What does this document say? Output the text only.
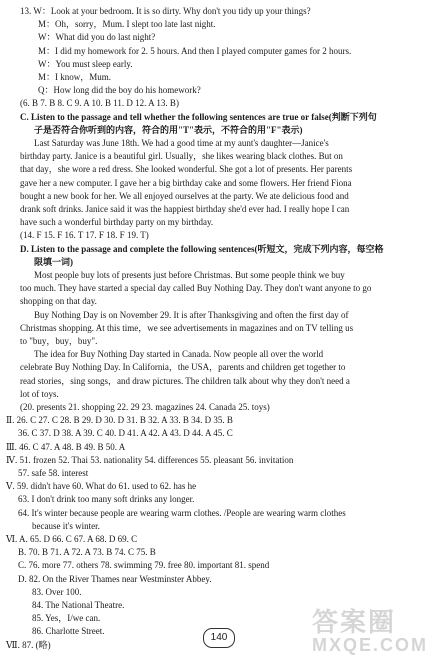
13. W：Look at your bedroom. It is so dirty. Why don't you tidy up your things?
M：Oh，sorry，Mum. I slept too late last night.
W：What did you do last night?
M：I did my homework for 2. 5 hours. And then I played computer games for 2 hours.
W：You must sleep early.
M：I know，Mum.
Q：How long did the boy do his homework?
(6. B 7. B 8. C 9. A 10. B 11. D 12. A 13. B)
C. Listen to the passage and tell whether the following sentences are true or false(判断下列句
子是否符合你听到的内容，符合的用"T"表示，不符合的用"F"表示)
Last Saturday was June 18th. We had a good time at my aunt's daughter—Janice's
birthday party. Janice is a beautiful girl. Usually，she likes wearing black clothes. But on
that day，she wore a red dress. She looked wonderful. She got a lot of presents. Her parents
gave her a new computer. I gave her a big birthday cake and some flowers. Her friend Fiona
bought a new book for her. We all enjoyed ourselves at the party. We ate delicious food and
drank soft drinks. Janice said it was the happiest birthday she'd ever had. I really hope I can
have such a wonderful birthday party on my birthday.
(14. F 15. F 16. T 17. F 18. F 19. T)
D. Listen to the passage and complete the following sentences(听短文，完成下列内容，每空格
限填一词)
Most people buy lots of presents just before Christmas. But some people think we buy
too much. They have started a special day called Buy Nothing Day. They don't want anyone to go
shopping on that day.
Buy Nothing Day is on November 29. It is after Thanksgiving and often the first day of
Christmas shopping. At this time，we see advertisements in magazines and on TV telling us
to "buy，buy，buy".
The idea for Buy Nothing Day started in Canada. Now people all over the world
celebrate Buy Nothing Day. In California，the USA，parents and children get together to
read stories，sing songs，and draw pictures. The children talk about why they don't need a
lot of toys.
(20. presents 21. shopping 22. 29 23. magazines 24. Canada 25. toys)
Ⅱ. 26. C 27. C 28. B 29. D 30. D 31. B 32. A 33. B 34. D 35. B
36. C 37. D 38. A 39. C 40. D 41. A 42. A 43. D 44. A 45. C
Ⅲ. 46. C 47. A 48. B 49. B 50. A
Ⅳ. 51. frozen 52. Thai 53. nationality 54. differences 55. pleasant 56. invitation
57. safe 58. interest
Ⅴ. 59. didn't have 60. What do 61. used to 62. has he
63. I don't drink too many soft drinks any longer.
64. It's winter because people are wearing warm clothes. /People are wearing warm clothes
because it's winter.
Ⅵ. A. 65. D 66. C 67. A 68. D 69. C
B. 70. B 71. A 72. A 73. B 74. C 75. B
C. 76. more 77. others 78. swimming 79. free 80. important 81. spend
D. 82. On the River Thames near Westminster Abbey.
83. Over 100.
84. The National Theatre.
85. Yes，I/we can.
86. Charlotte Street.
Ⅶ. 87. (略)
140
答案圈
MXQE.COM
